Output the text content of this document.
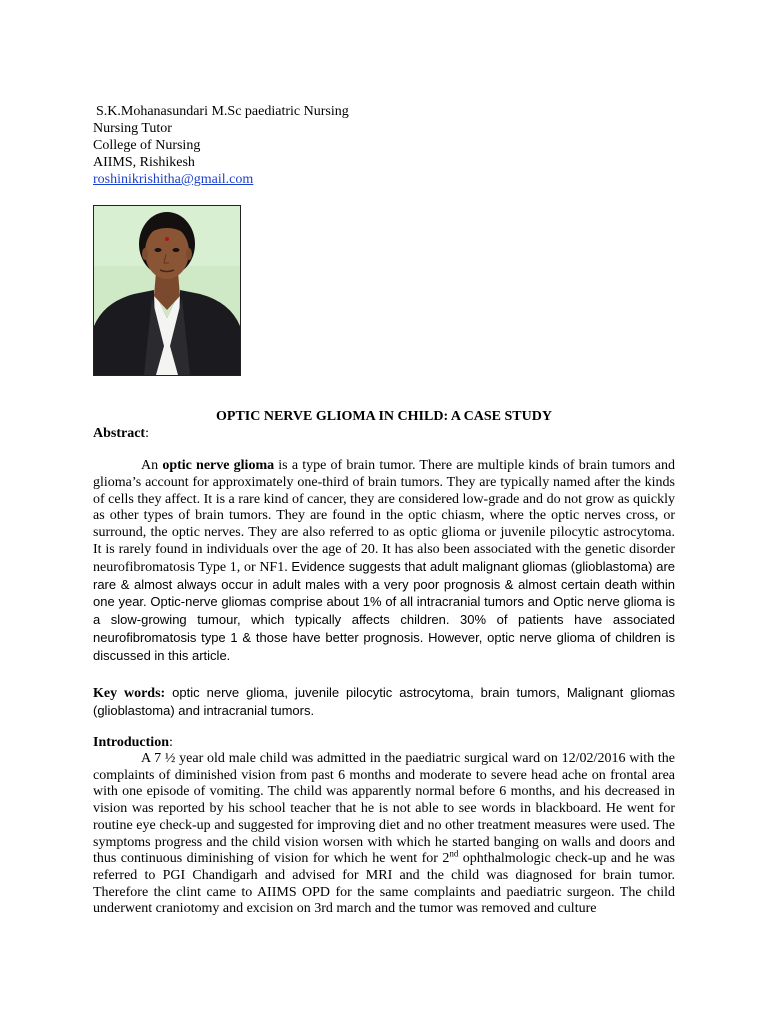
S.K.Mohanasundari M.Sc paediatric Nursing
Nursing Tutor
College of Nursing
AIIMS, Rishikesh
roshinikrishitha@gmail.com
OPTIC NERVE GLIOMA IN CHILD: A CASE STUDY
Abstract:

An optic nerve glioma is a type of brain tumor. There are multiple kinds of brain tumors and glioma’s account for approximately one-third of brain tumors. They are typically named after the kinds of cells they affect. It is a rare kind of cancer, they are considered low-grade and do not grow as quickly as other types of brain tumors. They are found in the optic chiasm, where the optic nerves cross, or surround, the optic nerves. They are also referred to as optic glioma or juvenile pilocytic astrocytoma. It is rarely found in individuals over the age of 20. It has also been associated with the genetic disorder neurofibromatosis Type 1, or NF1. Evidence suggests that adult malignant gliomas (glioblastoma) are rare & almost always occur in adult males with a very poor prognosis & almost certain death within one year. Optic-nerve gliomas comprise about 1% of all intracranial tumors and Optic nerve glioma is a slow-growing tumour, which typically affects children. 30% of patients have associated neurofibromatosis type 1 & those have better prognosis. However, optic nerve glioma of children is discussed in this article.

Key words: optic nerve glioma, juvenile pilocytic astrocytoma, brain tumors, Malignant gliomas (glioblastoma) and intracranial tumors.

Introduction:

A 7 ½ year old male child was admitted in the paediatric surgical ward on 12/02/2016 with the complaints of diminished vision from past 6 months and moderate to severe head ache on frontal area with one episode of vomiting. The child was apparently normal before 6 months, and his decreased in vision was reported by his school teacher that he is not able to see words in blackboard. He went for routine eye check-up and suggested for improving diet and no other treatment measures were used. The symptoms progress and the child vision worsen with which he started banging on walls and doors and thus continuous diminishing of vision for which he went for 2nd ophthalmologic check-up and he was referred to PGI Chandigarh and advised for MRI and the child was diagnosed for brain tumor. Therefore the clint came to AIIMS OPD for the same complaints and paediatric surgeon. The child underwent craniotomy and excision on 3rd march and the tumor was removed and culture
